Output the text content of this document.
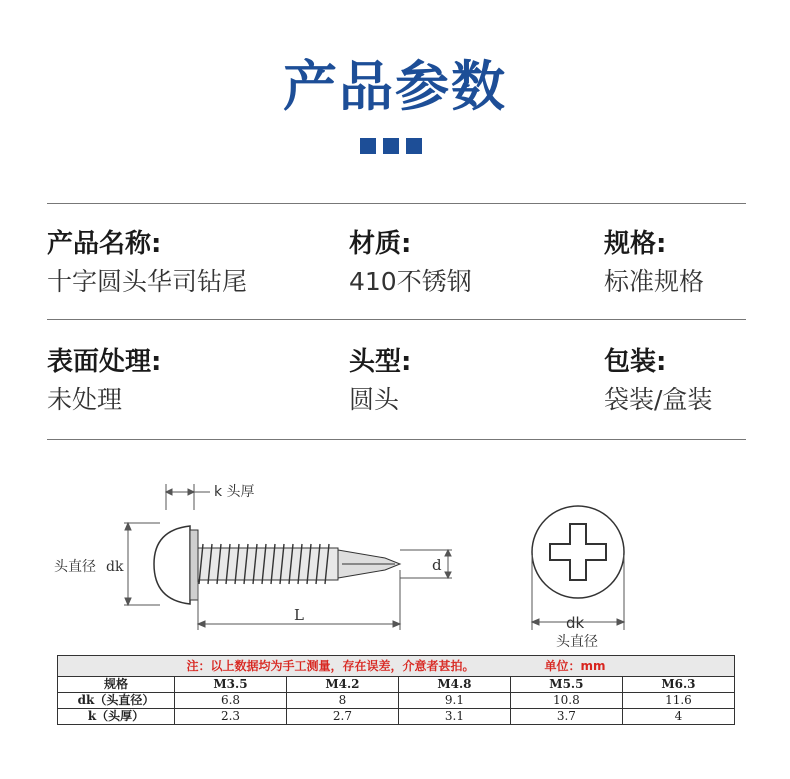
产品参数
产品名称:
十字圆头华司钻尾
材质:
410不锈钢
规格:
标准规格
表面处理:
未处理
头型:
圆头
包装:
袋装/盒装
k 头厚
头直径 dk	d
L	dk
头直径
注：以上数据均为手工测量，存在误差，介意者甚拍。 单位：mm					
规格	M3.5	M4.2	M4.8	M5.5	M6.3
dk（头直径）	6.8	8	9.1	10.8	11.6
k（头厚）	2.3	2.7	3.1	3.7	4
